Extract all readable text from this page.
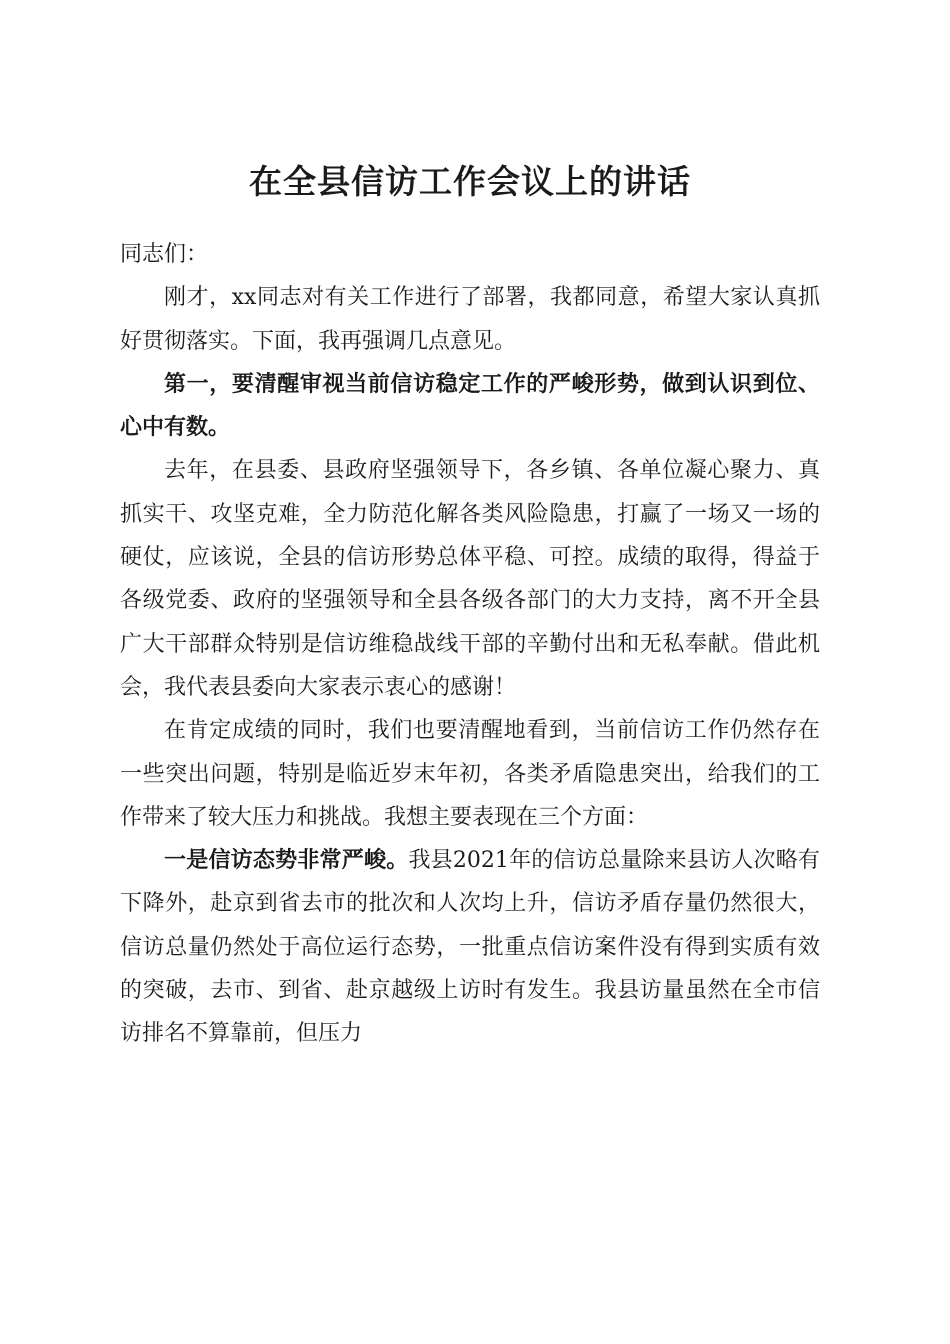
在全县信访工作会议上的讲话

同志们：

刚才，xx同志对有关工作进行了部署，我都同意，希望大家认真抓好贯彻落实。下面，我再强调几点意见。

第一，要清醒审视当前信访稳定工作的严峻形势，做到认识到位、心中有数。

去年，在县委、县政府坚强领导下，各乡镇、各单位凝心聚力、真抓实干、攻坚克难，全力防范化解各类风险隐患，打赢了一场又一场的硬仗，应该说，全县的信访形势总体平稳、可控。成绩的取得，得益于各级党委、政府的坚强领导和全县各级各部门的大力支持，离不开全县广大干部群众特别是信访维稳战线干部的辛勤付出和无私奉献。借此机会，我代表县委向大家表示衷心的感谢！

在肯定成绩的同时，我们也要清醒地看到，当前信访工作仍然存在一些突出问题，特别是临近岁末年初，各类矛盾隐患突出，给我们的工作带来了较大压力和挑战。我想主要表现在三个方面：

一是信访态势非常严峻。我县2021年的信访总量除来县访人次略有下降外，赴京到省去市的批次和人次均上升，信访矛盾存量仍然很大，信访总量仍然处于高位运行态势，一批重点信访案件没有得到实质有效的突破，去市、到省、赴京越级上访时有发生。我县访量虽然在全市信访排名不算靠前，但压力
